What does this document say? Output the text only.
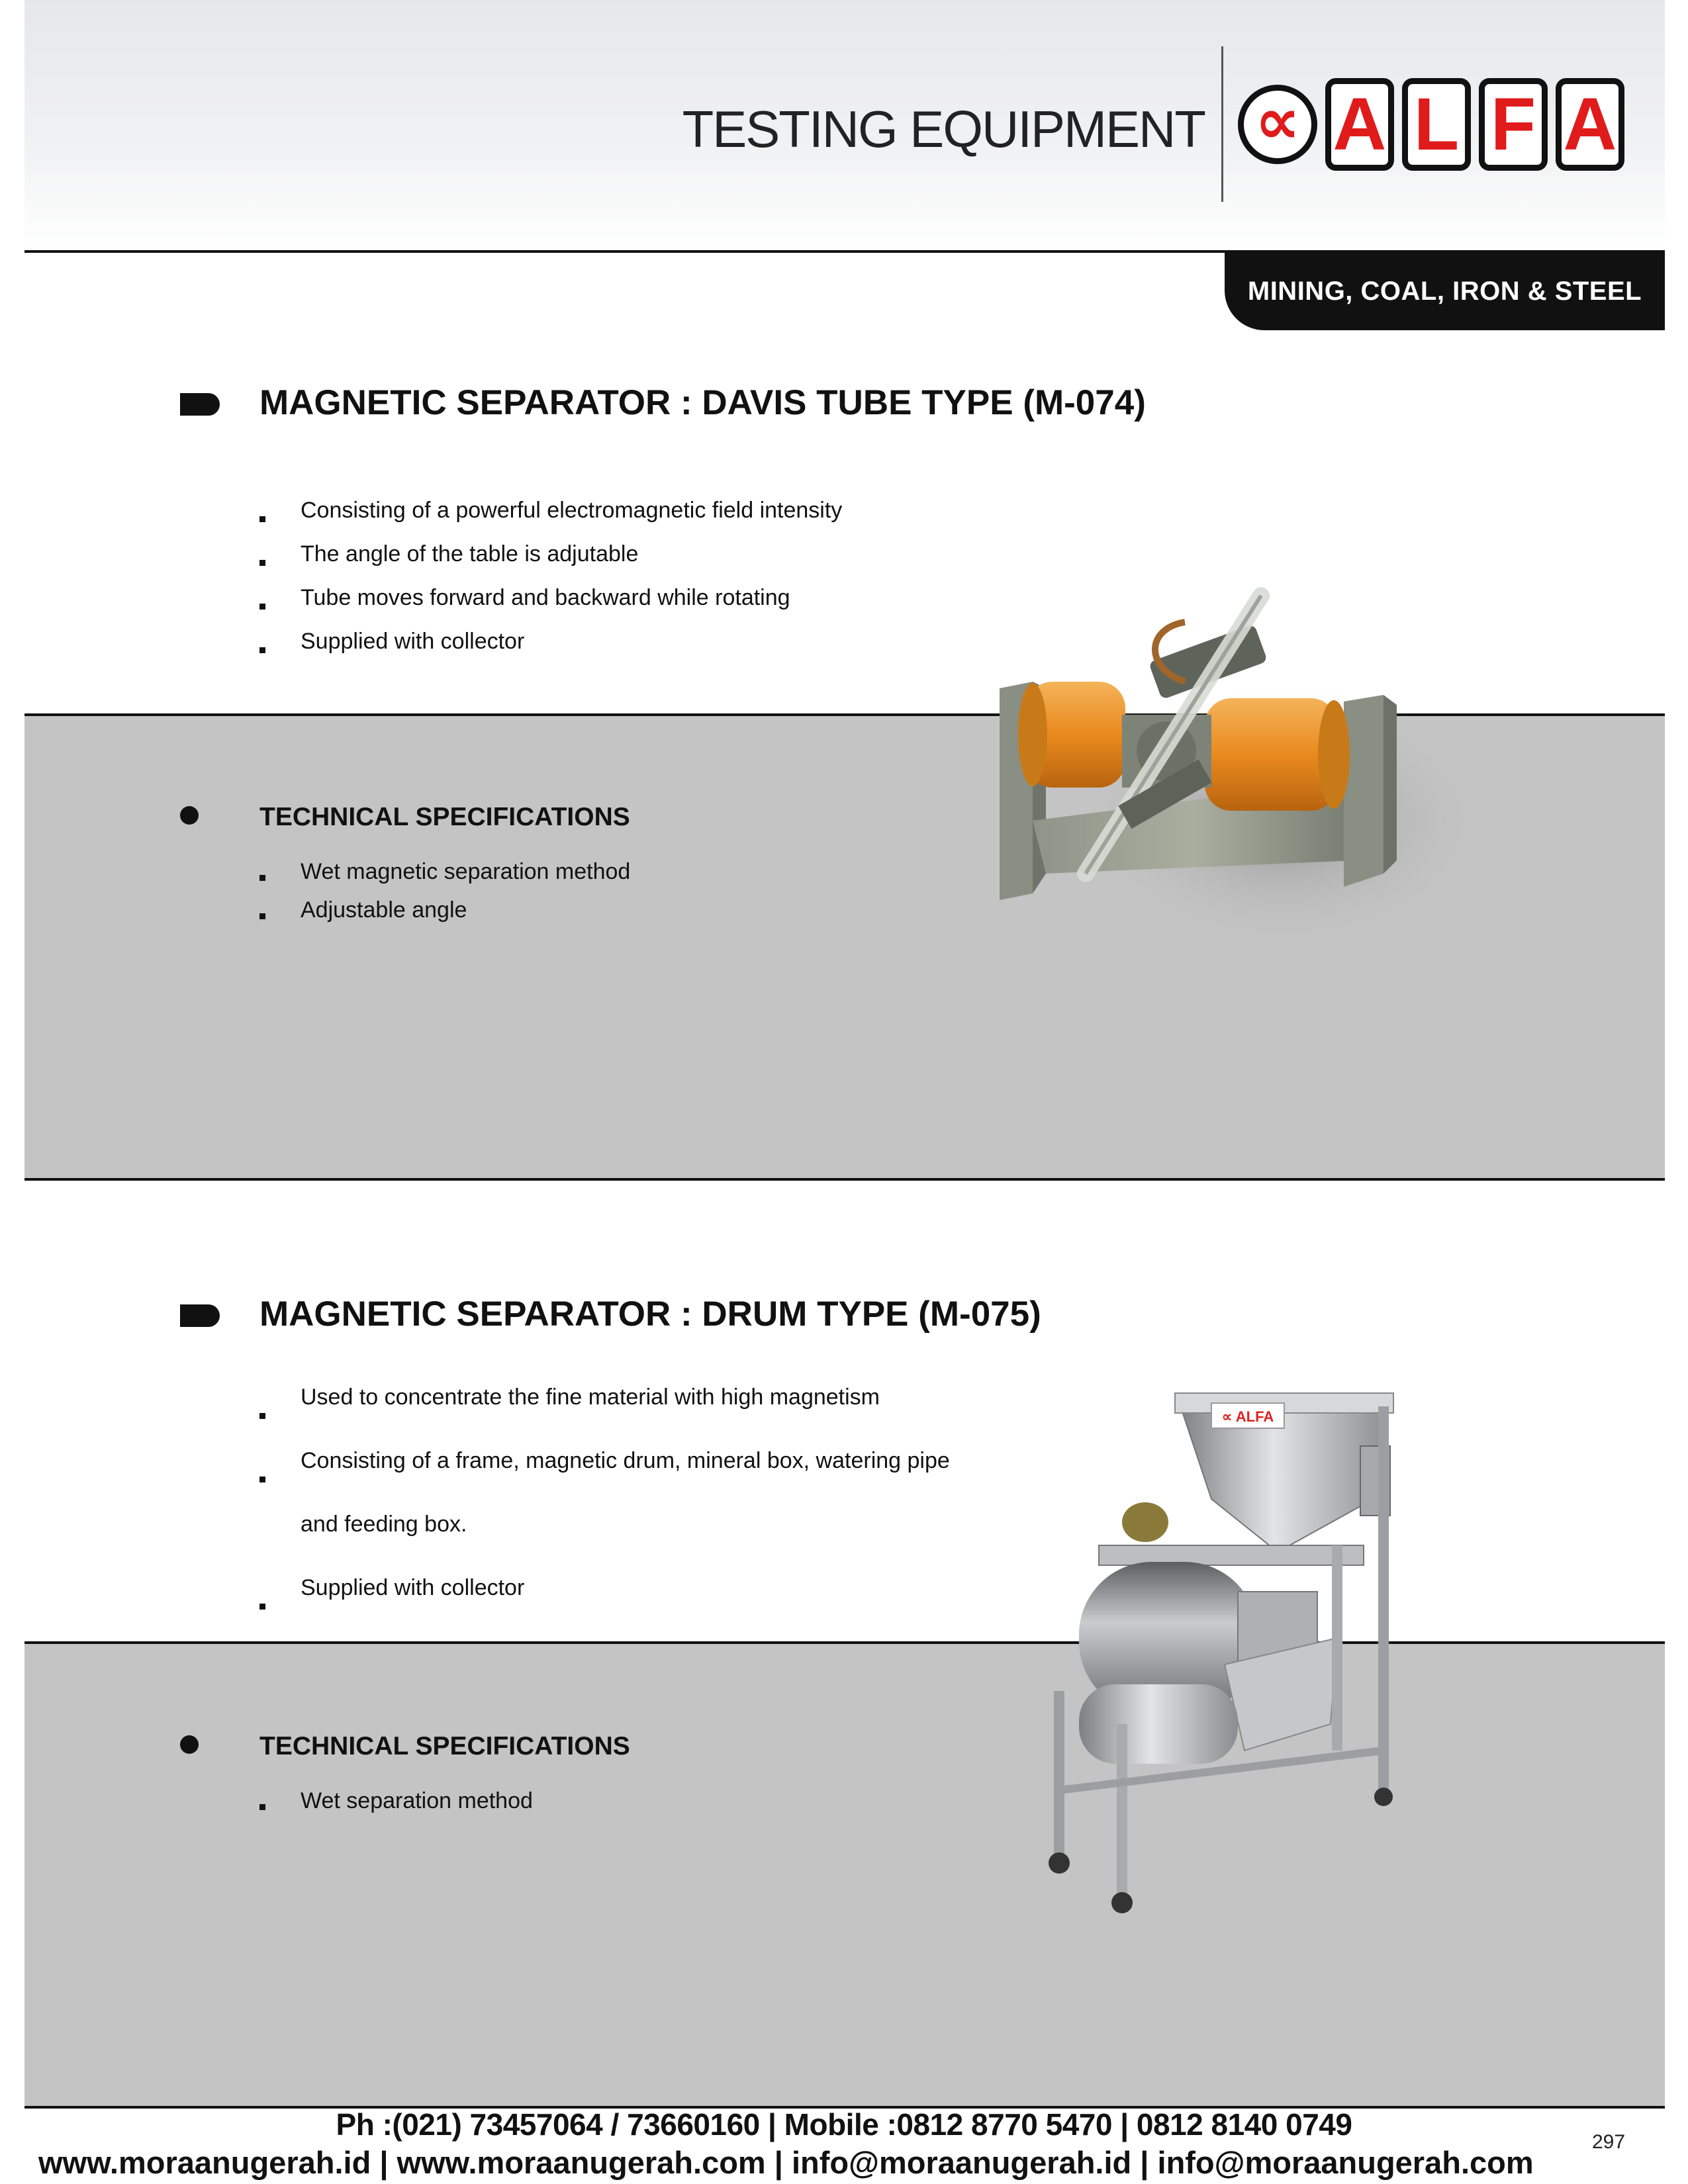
TESTING EQUIPMENT ∝ A L F A
MINING, COAL, IRON & STEEL
MAGNETIC SEPARATOR : DAVIS TUBE TYPE (M-074)
Consisting of a powerful electromagnetic field intensity
The angle of the table is adjutable
Tube moves forward and backward while rotating
Supplied with collector
TECHNICAL SPECIFICATIONS
Wet magnetic separation method
Adjustable angle
MAGNETIC SEPARATOR : DRUM TYPE (M-075)
Used to concentrate the fine material with high magnetism
Consisting of a frame, magnetic drum, mineral box, watering pipe
and feeding box.
Supplied with collector
TECHNICAL SPECIFICATIONS
Wet separation method
∝ ALFA
Ph :(021) 73457064 / 73660160 | Mobile :0812 8770 5470 | 0812 8140 0749
www.moraanugerah.id | www.moraanugerah.com | info@moraanugerah.id | info@moraanugerah.com
297
